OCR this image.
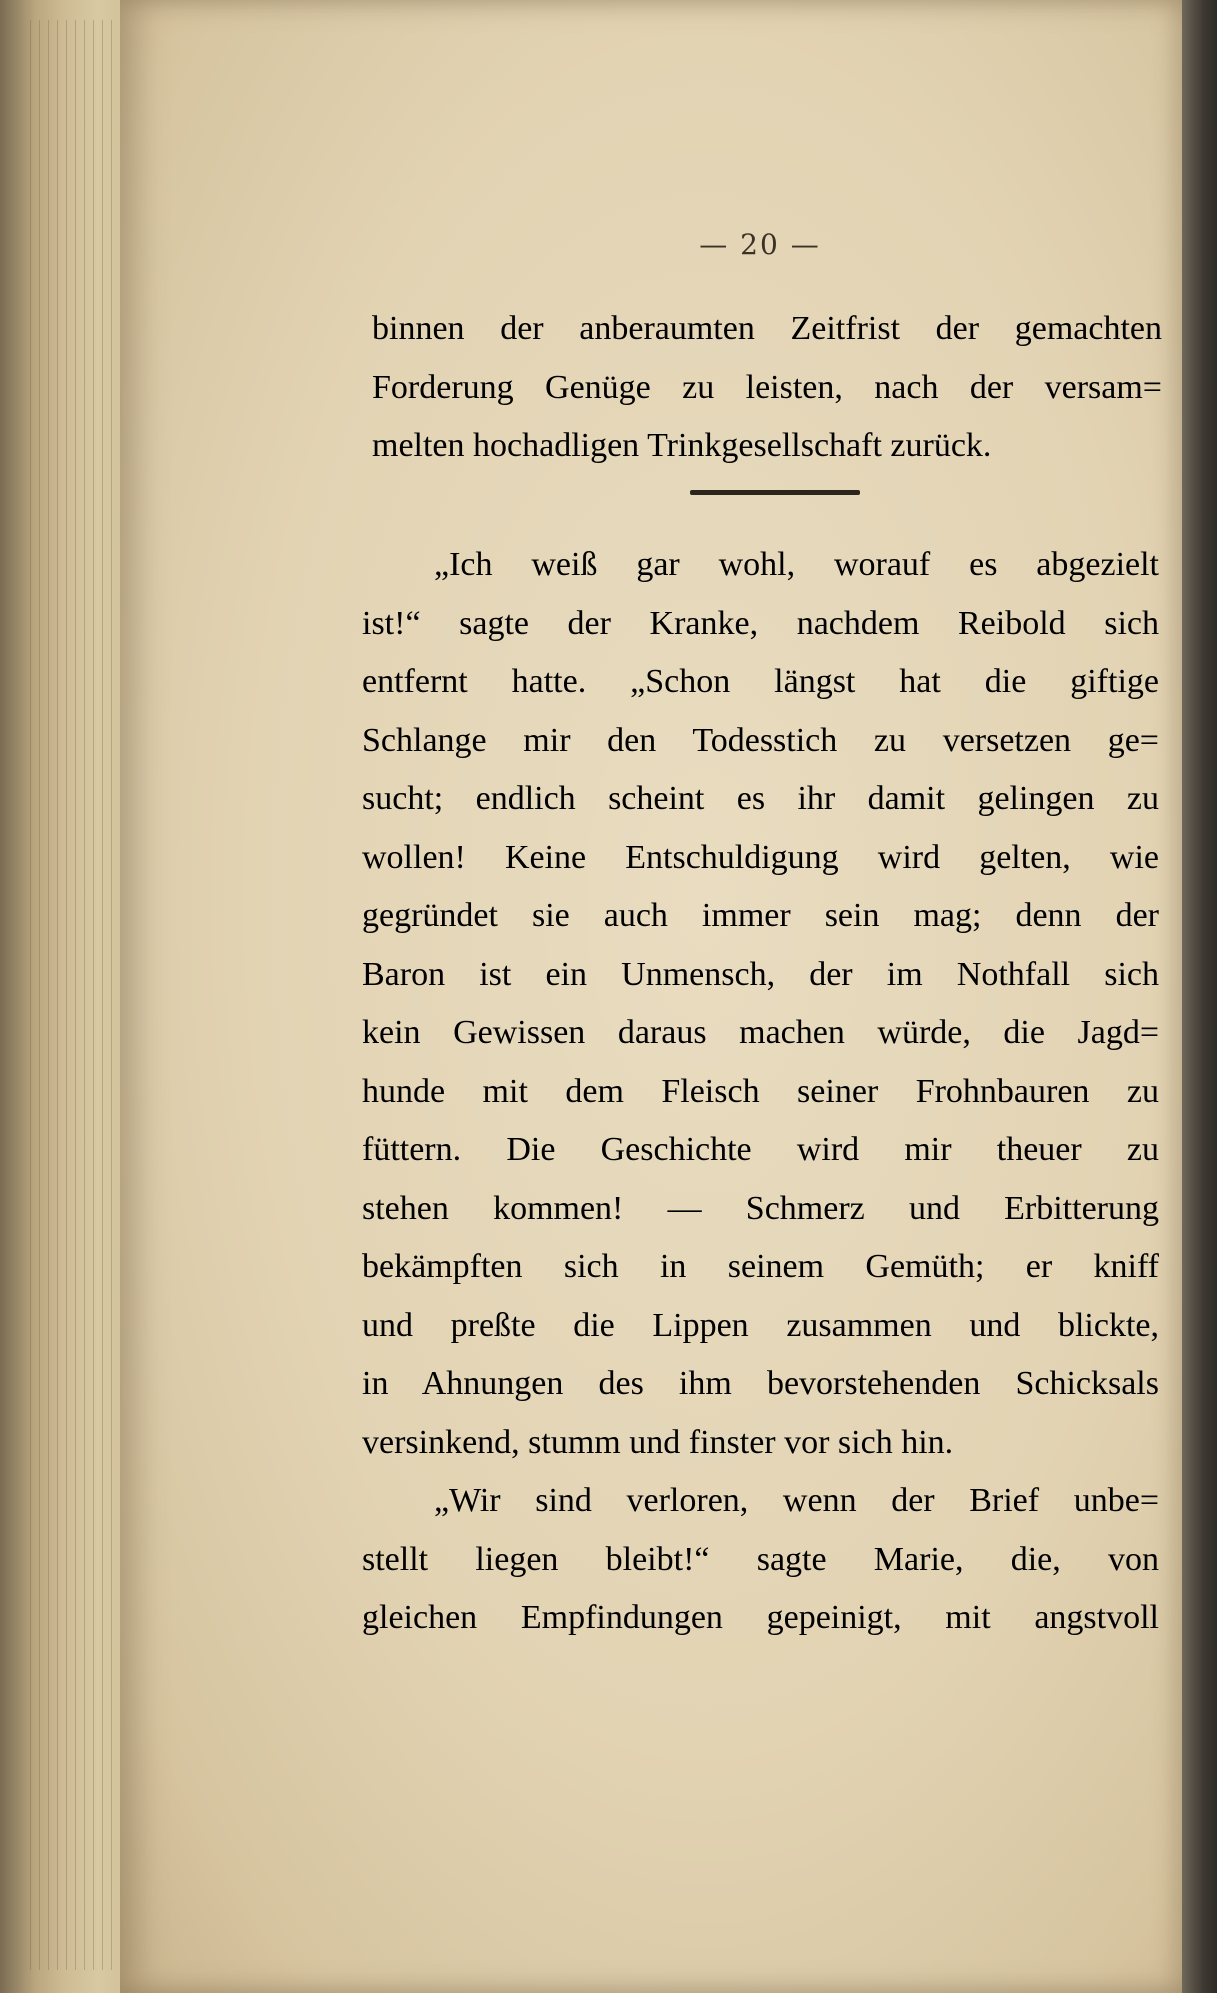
— 20 —
binnen der anberaumten Zeitfrist der gemachten
Forderung Genüge zu leisten, nach der versam=
melten hochadligen Trinkgesellschaft zurück.
„Ich weiß gar wohl, worauf es abgezielt
ist!“ sagte der Kranke, nachdem Reibold sich
entfernt hatte. „Schon längst hat die giftige
Schlange mir den Todesstich zu versetzen ge=
sucht; endlich scheint es ihr damit gelingen zu
wollen! Keine Entschuldigung wird gelten, wie
gegründet sie auch immer sein mag; denn der
Baron ist ein Unmensch, der im Nothfall sich
kein Gewissen daraus machen würde, die Jagd=
hunde mit dem Fleisch seiner Frohnbauren zu
füttern. Die Geschichte wird mir theuer zu
stehen kommen! — Schmerz und Erbitterung
bekämpften sich in seinem Gemüth; er kniff
und preßte die Lippen zusammen und blickte,
in Ahnungen des ihm bevorstehenden Schicksals
versinkend, stumm und finster vor sich hin.
„Wir sind verloren, wenn der Brief unbe=
stellt liegen bleibt!“ sagte Marie, die, von
gleichen Empfindungen gepeinigt, mit angstvoll
